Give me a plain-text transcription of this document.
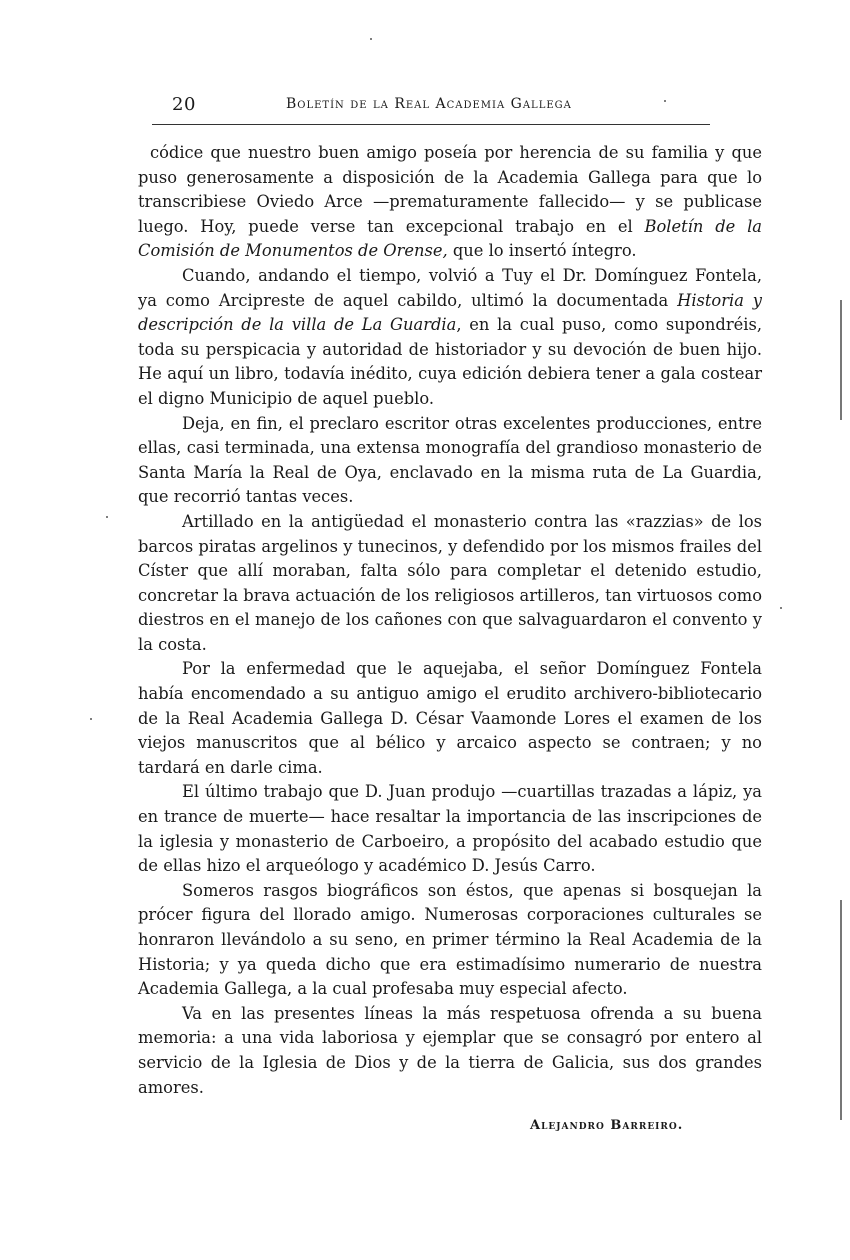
20	Boletín de la Real Academia Gallega

códice que nuestro buen amigo poseía por herencia de su familia y que puso generosamente a disposición de la Academia Gallega para que lo transcribiese Oviedo Arce —prematuramente fallecido— y se publicase luego. Hoy, puede verse tan excepcional trabajo en el Boletín de la Comisión de Monumentos de Orense, que lo insertó íntegro.

Cuando, andando el tiempo, volvió a Tuy el Dr. Domínguez Fontela, ya como Arcipreste de aquel cabildo, ultimó la documentada Historia y descripción de la villa de La Guardia, en la cual puso, como supondréis, toda su perspicacia y autoridad de historiador y su devoción de buen hijo. He aquí un libro, todavía inédito, cuya edición debiera tener a gala costear el digno Municipio de aquel pueblo.

Deja, en fin, el preclaro escritor otras excelentes producciones, entre ellas, casi terminada, una extensa monografía del grandioso monasterio de Santa María la Real de Oya, enclavado en la misma ruta de La Guardia, que recorrió tantas veces.

Artillado en la antigüedad el monasterio contra las «razzias» de los barcos piratas argelinos y tunecinos, y defendido por los mismos frailes del Císter que allí moraban, falta sólo para completar el detenido estudio, concretar la brava actuación de los religiosos artilleros, tan virtuosos como diestros en el manejo de los cañones con que salvaguardaron el convento y la costa.

Por la enfermedad que le aquejaba, el señor Domínguez Fontela había encomendado a su antiguo amigo el erudito archivero-bibliotecario de la Real Academia Gallega D. César Vaamonde Lores el examen de los viejos manuscritos que al bélico y arcaico aspecto se contraen; y no tardará en darle cima.

El último trabajo que D. Juan produjo —cuartillas trazadas a lápiz, ya en trance de muerte— hace resaltar la importancia de las inscripciones de la iglesia y monasterio de Carboeiro, a propósito del acabado estudio que de ellas hizo el arqueólogo y académico D. Jesús Carro.

Someros rasgos biográficos son éstos, que apenas si bosquejan la prócer figura del llorado amigo. Numerosas corporaciones culturales se honraron llevándolo a su seno, en primer término la Real Academia de la Historia; y ya queda dicho que era estimadísimo numerario de nuestra Academia Gallega, a la cual profesaba muy especial afecto.

Va en las presentes líneas la más respetuosa ofrenda a su buena memoria: a una vida laboriosa y ejemplar que se consagró por entero al servicio de la Iglesia de Dios y de la tierra de Galicia, sus dos grandes amores.

Alejandro Barreiro.
